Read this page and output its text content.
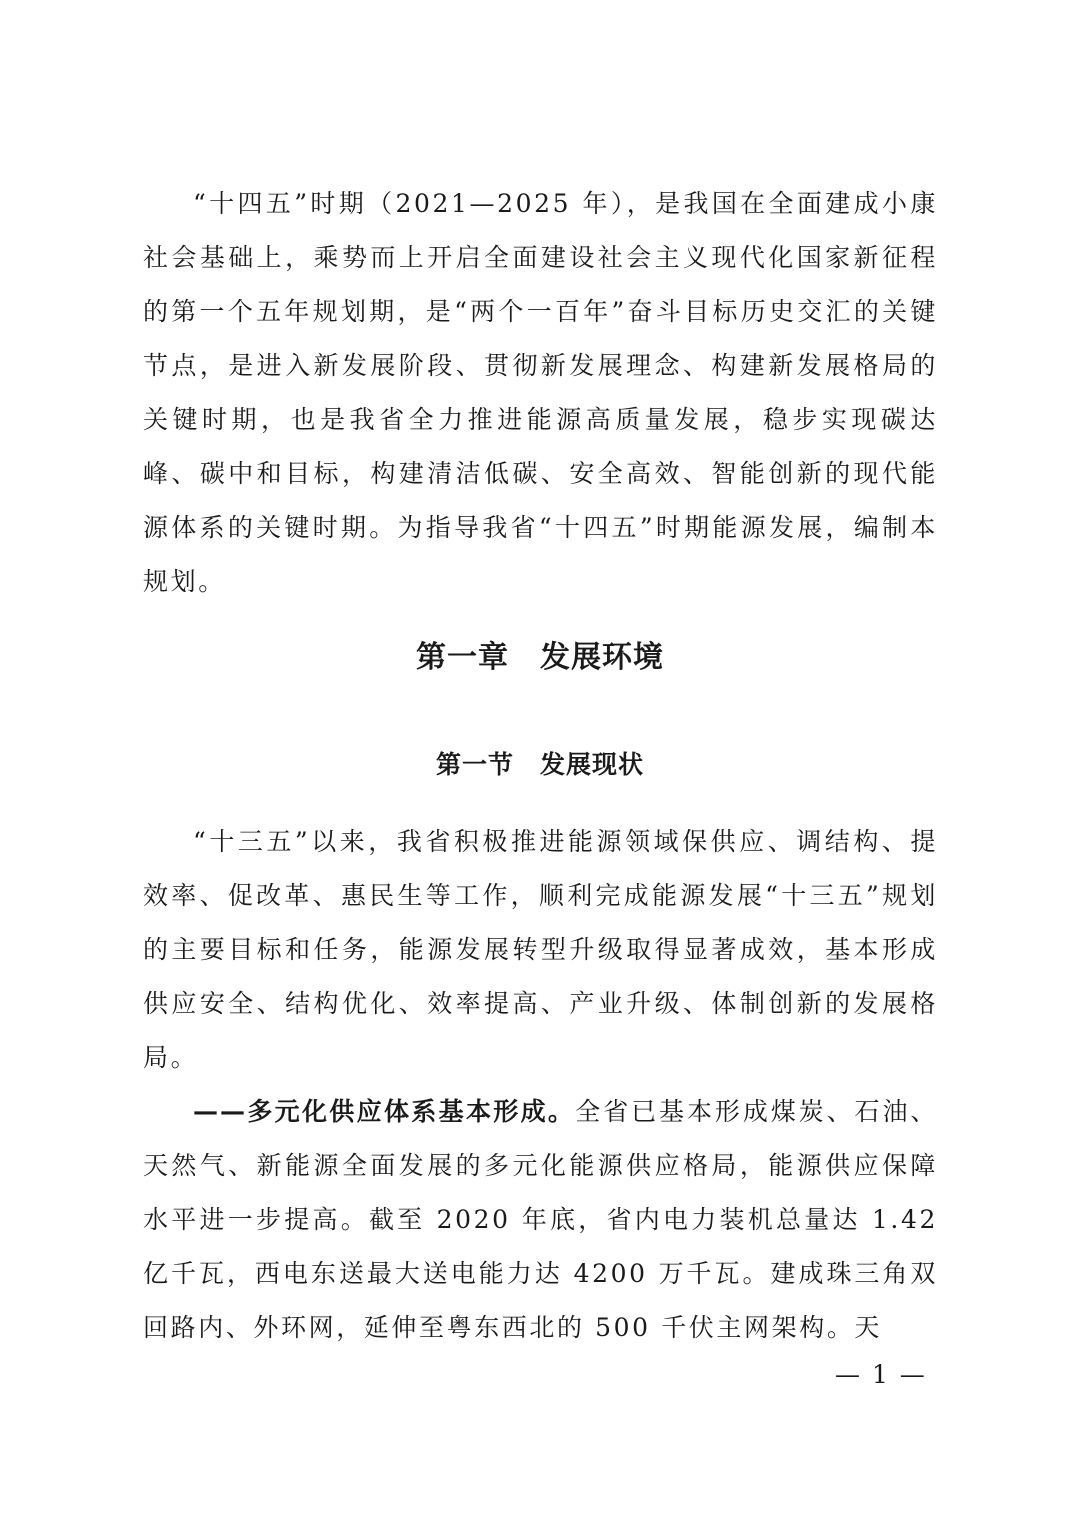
“十四五”时期（2021—2025 年），是我国在全面建成小康社会基础上，乘势而上开启全面建设社会主义现代化国家新征程的第一个五年规划期，是“两个一百年”奋斗目标历史交汇的关键节点，是进入新发展阶段、贯彻新发展理念、构建新发展格局的关键时期，也是我省全力推进能源高质量发展，稳步实现碳达峰、碳中和目标，构建清洁低碳、安全高效、智能创新的现代能源体系的关键时期。为指导我省“十四五”时期能源发展，编制本规划。

第一章　发展环境
第一节　发展现状

“十三五”以来，我省积极推进能源领域保供应、调结构、提效率、促改革、惠民生等工作，顺利完成能源发展“十三五”规划的主要目标和任务，能源发展转型升级取得显著成效，基本形成供应安全、结构优化、效率提高、产业升级、体制创新的发展格局。

——多元化供应体系基本形成。全省已基本形成煤炭、石油、天然气、新能源全面发展的多元化能源供应格局，能源供应保障水平进一步提高。截至 2020 年底，省内电力装机总量达 1.42 亿千瓦，西电东送最大送电能力达 4200 万千瓦。建成珠三角双回路内、外环网，延伸至粤东西北的 500 千伏主网架构。天

— 1 —
